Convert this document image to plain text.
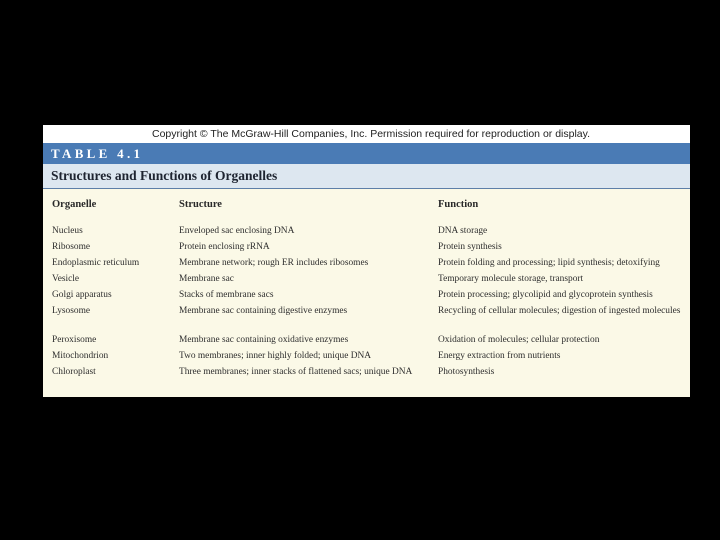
Copyright © The McGraw-Hill Companies, Inc. Permission required for reproduction or display.
TABLE 4.1
Structures and Functions of Organelles
Organelle	Structure	Function
Nucleus	Enveloped sac enclosing DNA	DNA storage
Ribosome	Protein enclosing rRNA	Protein synthesis
Endoplasmic reticulum	Membrane network; rough ER includes ribosomes	Protein folding and processing; lipid synthesis; detoxifying
Vesicle	Membrane sac	Temporary molecule storage, transport
Golgi apparatus	Stacks of membrane sacs	Protein processing; glycolipid and glycoprotein synthesis
Lysosome	Membrane sac containing digestive enzymes	Recycling of cellular molecules; digestion of ingested molecules
Peroxisome	Membrane sac containing oxidative enzymes	Oxidation of molecules; cellular protection
Mitochondrion	Two membranes; inner highly folded; unique DNA	Energy extraction from nutrients
Chloroplast	Three membranes; inner stacks of flattened sacs; unique DNA	Photosynthesis
